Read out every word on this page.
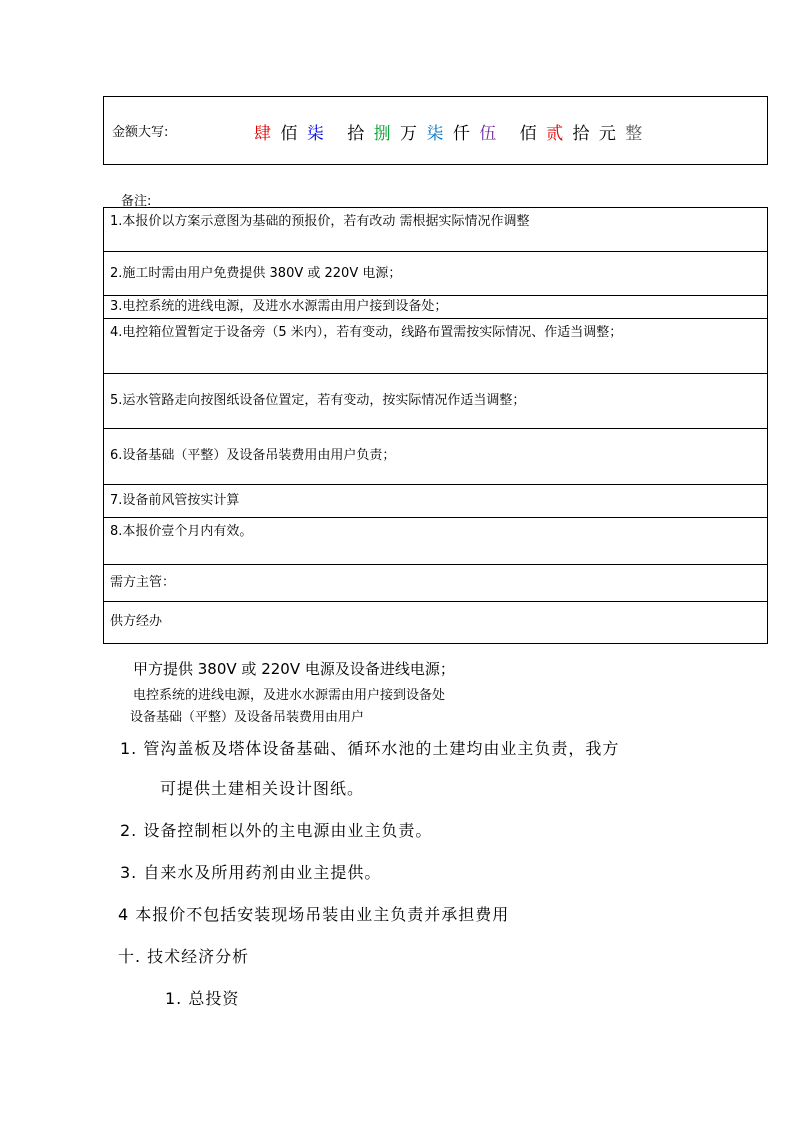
金额大写:	肆 佰 柒 拾 捌 万 柒 仟 伍 佰 贰 拾 元 整
备注:
1.本报价以方案示意图为基础的预报价，若有改动 需根据实际情况作调整
2.施工时需由用户免费提供 380V 或 220V 电源；
3.电控系统的进线电源，及进水水源需由用户接到设备处；
4.电控箱位置暂定于设备旁（5 米内），若有变动，线路布置需按实际情况、作适当调整；
5.运水管路走向按图纸设备位置定，若有变动，按实际情况作适当调整；
6.设备基础（平整）及设备吊装费用由用户负责；
7.设备前风管按实计算
8.本报价壹个月内有效。
需方主管：
供方经办
甲方提供 380V 或 220V 电源及设备进线电源；
电控系统的进线电源，及进水水源需由用户接到设备处
设备基础（平整）及设备吊装费用由用户
1. 管沟盖板及塔体设备基础、循环水池的土建均由业主负责，我方
可提供土建相关设计图纸。
2. 设备控制柜以外的主电源由业主负责。
3. 自来水及所用药剂由业主提供。
4 本报价不包括安装现场吊装由业主负责并承担费用
十. 技术经济分析
1. 总投资
